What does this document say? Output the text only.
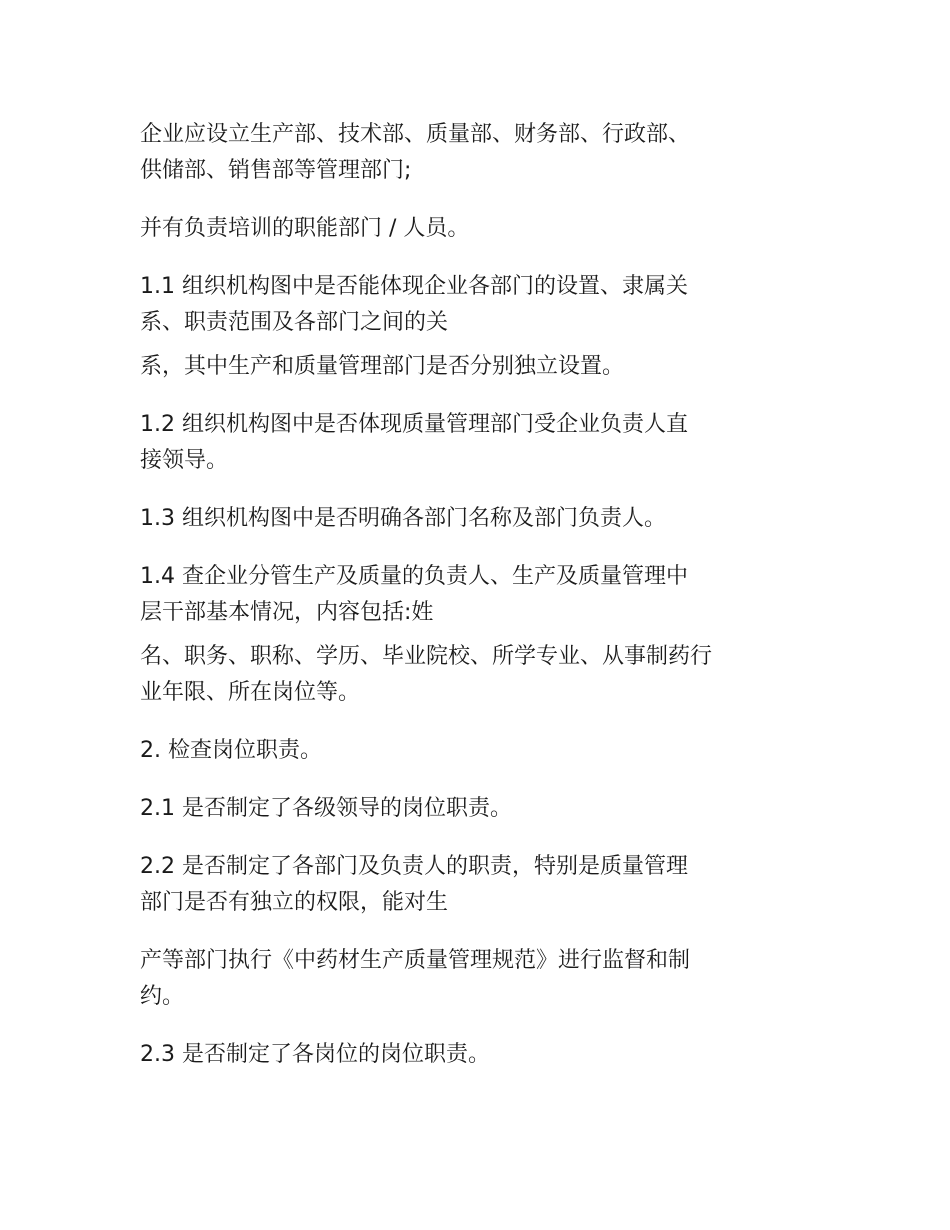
企业应设立生产部、技术部、质量部、财务部、行政部、
供储部、销售部等管理部门;
并有负责培训的职能部门 / 人员。
1.1 组织机构图中是否能体现企业各部门的设置、隶属关
系、职责范围及各部门之间的关
系，其中生产和质量管理部门是否分别独立设置。
1.2 组织机构图中是否体现质量管理部门受企业负责人直
接领导。
1.3 组织机构图中是否明确各部门名称及部门负责人。
1.4 查企业分管生产及质量的负责人、生产及质量管理中
层干部基本情况，内容包括:姓
名、职务、职称、学历、毕业院校、所学专业、从事制药行
业年限、所在岗位等。
2. 检查岗位职责。
2.1 是否制定了各级领导的岗位职责。
2.2 是否制定了各部门及负责人的职责，特别是质量管理
部门是否有独立的权限，能对生
产等部门执行《中药材生产质量管理规范》进行监督和制
约。
2.3 是否制定了各岗位的岗位职责。
